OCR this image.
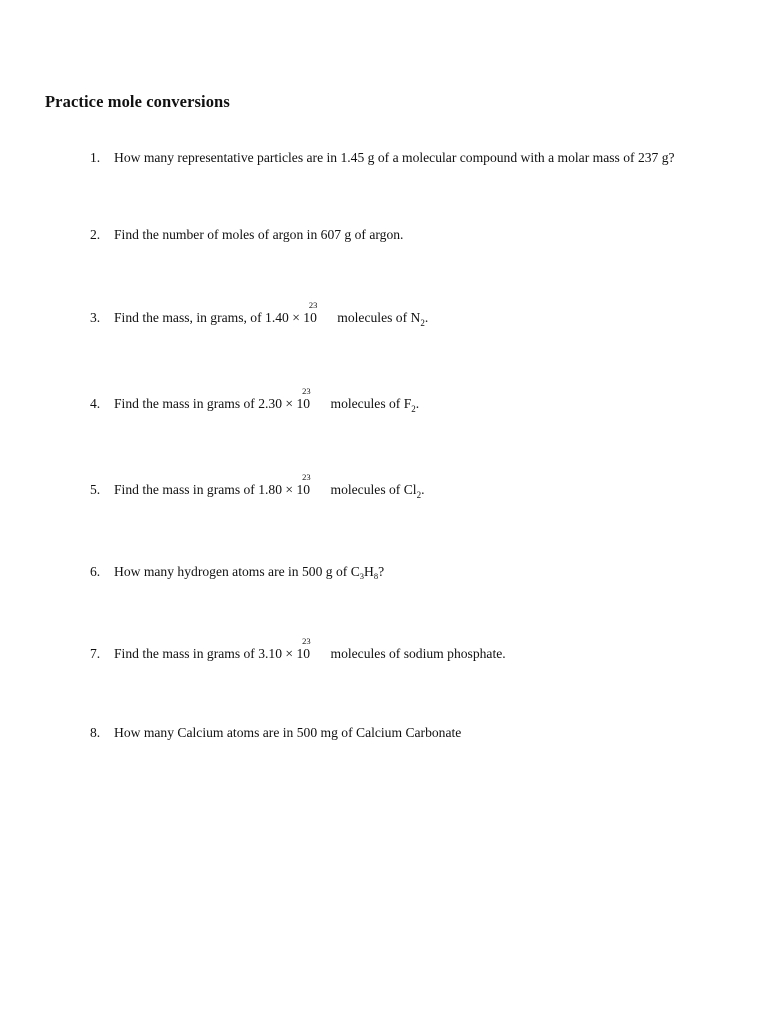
Practice mole conversions
1. How many representative particles are in 1.45 g of a molecular compound with a molar mass of 237 g?
2. Find the number of moles of argon in 607 g of argon.
3. Find the mass, in grams, of 1.40 × 1023 molecules of $N_2$.
4. Find the mass in grams of 2.30 × 1023 molecules of $F_2$.
5. Find the mass in grams of 1.80 × 1023 molecules of $Cl_2$.
6. How many hydrogen atoms are in 500 g of $C_3H_8$?
7. Find the mass in grams of 3.10 × 1023 molecules of sodium phosphate.
8. How many Calcium atoms are in 500 mg of Calcium Carbonate
